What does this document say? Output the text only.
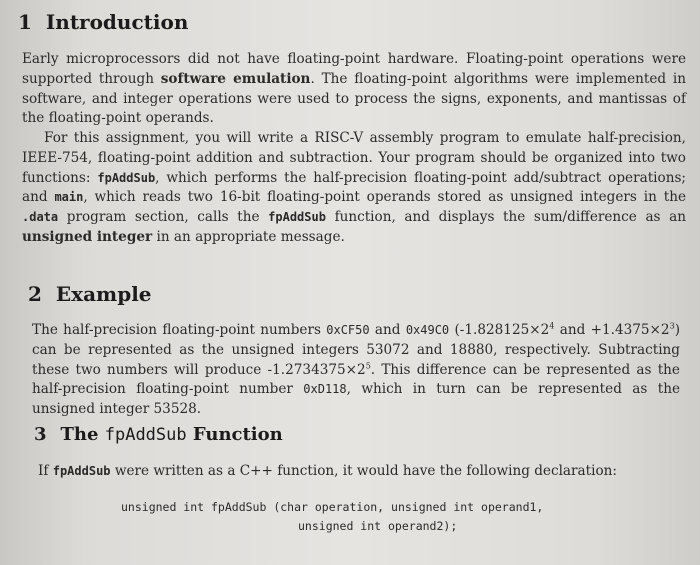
1 Introduction
Early microprocessors did not have floating-point hardware. Floating-point operations were supported through software emulation. The floating-point algorithms were implemented in software, and integer operations were used to process the signs, exponents, and mantissas of the floating-point operands.
For this assignment, you will write a RISC-V assembly program to emulate half-precision, IEEE-754, floating-point addition and subtraction. Your program should be organized into two functions: fpAddSub, which performs the half-precision floating-point add/subtract operations; and main, which reads two 16-bit floating-point operands stored as unsigned integers in the .data program section, calls the fpAddSub function, and displays the sum/difference as an unsigned integer in an appropriate message.
2 Example
The half-precision floating-point numbers 0xCF50 and 0x49C0 ($-1.828125\times 2^4$ and $+1.4375\times 2^3$) can be represented as the unsigned integers 53072 and 18880, respectively. Subtracting these two numbers will produce $-1.2734375\times 2^5$. This difference can be represented as the half-precision floating-point number 0xD118, which in turn can be represented as the unsigned integer 53528.
3 The fpAddSub Function
If fpAddSub were written as a C++ function, it would have the following declaration:
unsigned int fpAddSub (char operation, unsigned int operand1,
unsigned int operand2);
